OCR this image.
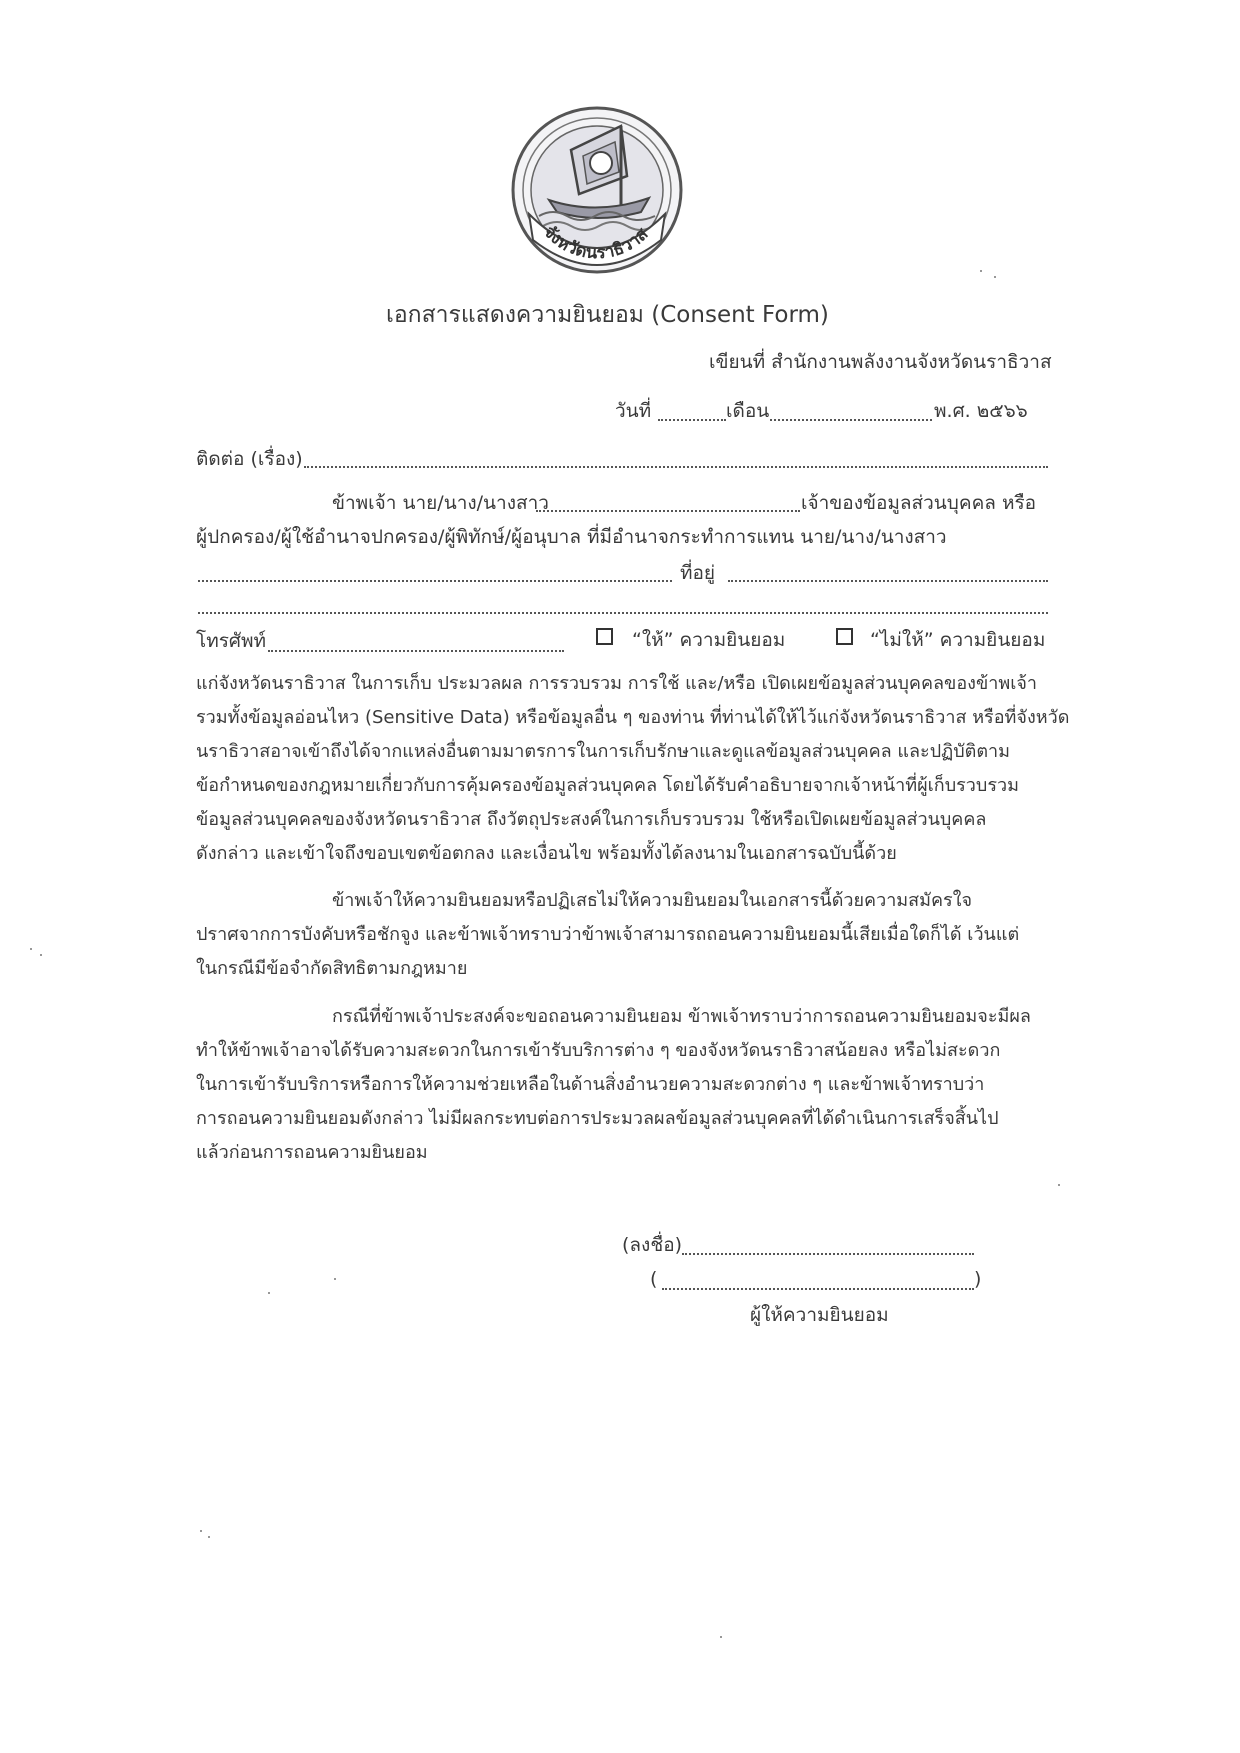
จังหวัดนราธิวาส
เอกสารแสดงความยินยอม (Consent Form)
เขียนที่ สำนักงานพลังงานจังหวัดนราธิวาส
วันที่	เดือน	พ.ศ. ๒๕๖๖
ติดต่อ (เรื่อง)
ข้าพเจ้า นาย/นาง/นางสาว	เจ้าของข้อมูลส่วนบุคคล หรือ
ผู้ปกครอง/ผู้ใช้อำนาจปกครอง/ผู้พิทักษ์/ผู้อนุบาล ที่มีอำนาจกระทำการแทน นาย/นาง/นางสาว
ที่อยู่
โทรศัพท์	“ให้” ความยินยอม	“ไม่ให้” ความยินยอม
แก่จังหวัดนราธิวาส ในการเก็บ ประมวลผล การรวบรวม การใช้ และ/หรือ เปิดเผยข้อมูลส่วนบุคคลของข้าพเจ้า
รวมทั้งข้อมูลอ่อนไหว (Sensitive Data) หรือข้อมูลอื่น ๆ ของท่าน ที่ท่านได้ให้ไว้แก่จังหวัดนราธิวาส หรือที่จังหวัด
นราธิวาสอาจเข้าถึงได้จากแหล่งอื่นตามมาตรการในการเก็บรักษาและดูแลข้อมูลส่วนบุคคล และปฏิบัติตาม
ข้อกำหนดของกฎหมายเกี่ยวกับการคุ้มครองข้อมูลส่วนบุคคล โดยได้รับคำอธิบายจากเจ้าหน้าที่ผู้เก็บรวบรวม
ข้อมูลส่วนบุคคลของจังหวัดนราธิวาส ถึงวัตถุประสงค์ในการเก็บรวบรวม ใช้หรือเปิดเผยข้อมูลส่วนบุคคล
ดังกล่าว และเข้าใจถึงขอบเขตข้อตกลง และเงื่อนไข พร้อมทั้งได้ลงนามในเอกสารฉบับนี้ด้วย
ข้าพเจ้าให้ความยินยอมหรือปฏิเสธไม่ให้ความยินยอมในเอกสารนี้ด้วยความสมัครใจ
ปราศจากการบังคับหรือชักจูง และข้าพเจ้าทราบว่าข้าพเจ้าสามารถถอนความยินยอมนี้เสียเมื่อใดก็ได้ เว้นแต่
ในกรณีมีข้อจำกัดสิทธิตามกฎหมาย
กรณีที่ข้าพเจ้าประสงค์จะขอถอนความยินยอม ข้าพเจ้าทราบว่าการถอนความยินยอมจะมีผล
ทำให้ข้าพเจ้าอาจได้รับความสะดวกในการเข้ารับบริการต่าง ๆ ของจังหวัดนราธิวาสน้อยลง หรือไม่สะดวก
ในการเข้ารับบริการหรือการให้ความช่วยเหลือในด้านสิ่งอำนวยความสะดวกต่าง ๆ และข้าพเจ้าทราบว่า
การถอนความยินยอมดังกล่าว ไม่มีผลกระทบต่อการประมวลผลข้อมูลส่วนบุคคลที่ได้ดำเนินการเสร็จสิ้นไป
แล้วก่อนการถอนความยินยอม
(ลงชื่อ)
(	)
ผู้ให้ความยินยอม
